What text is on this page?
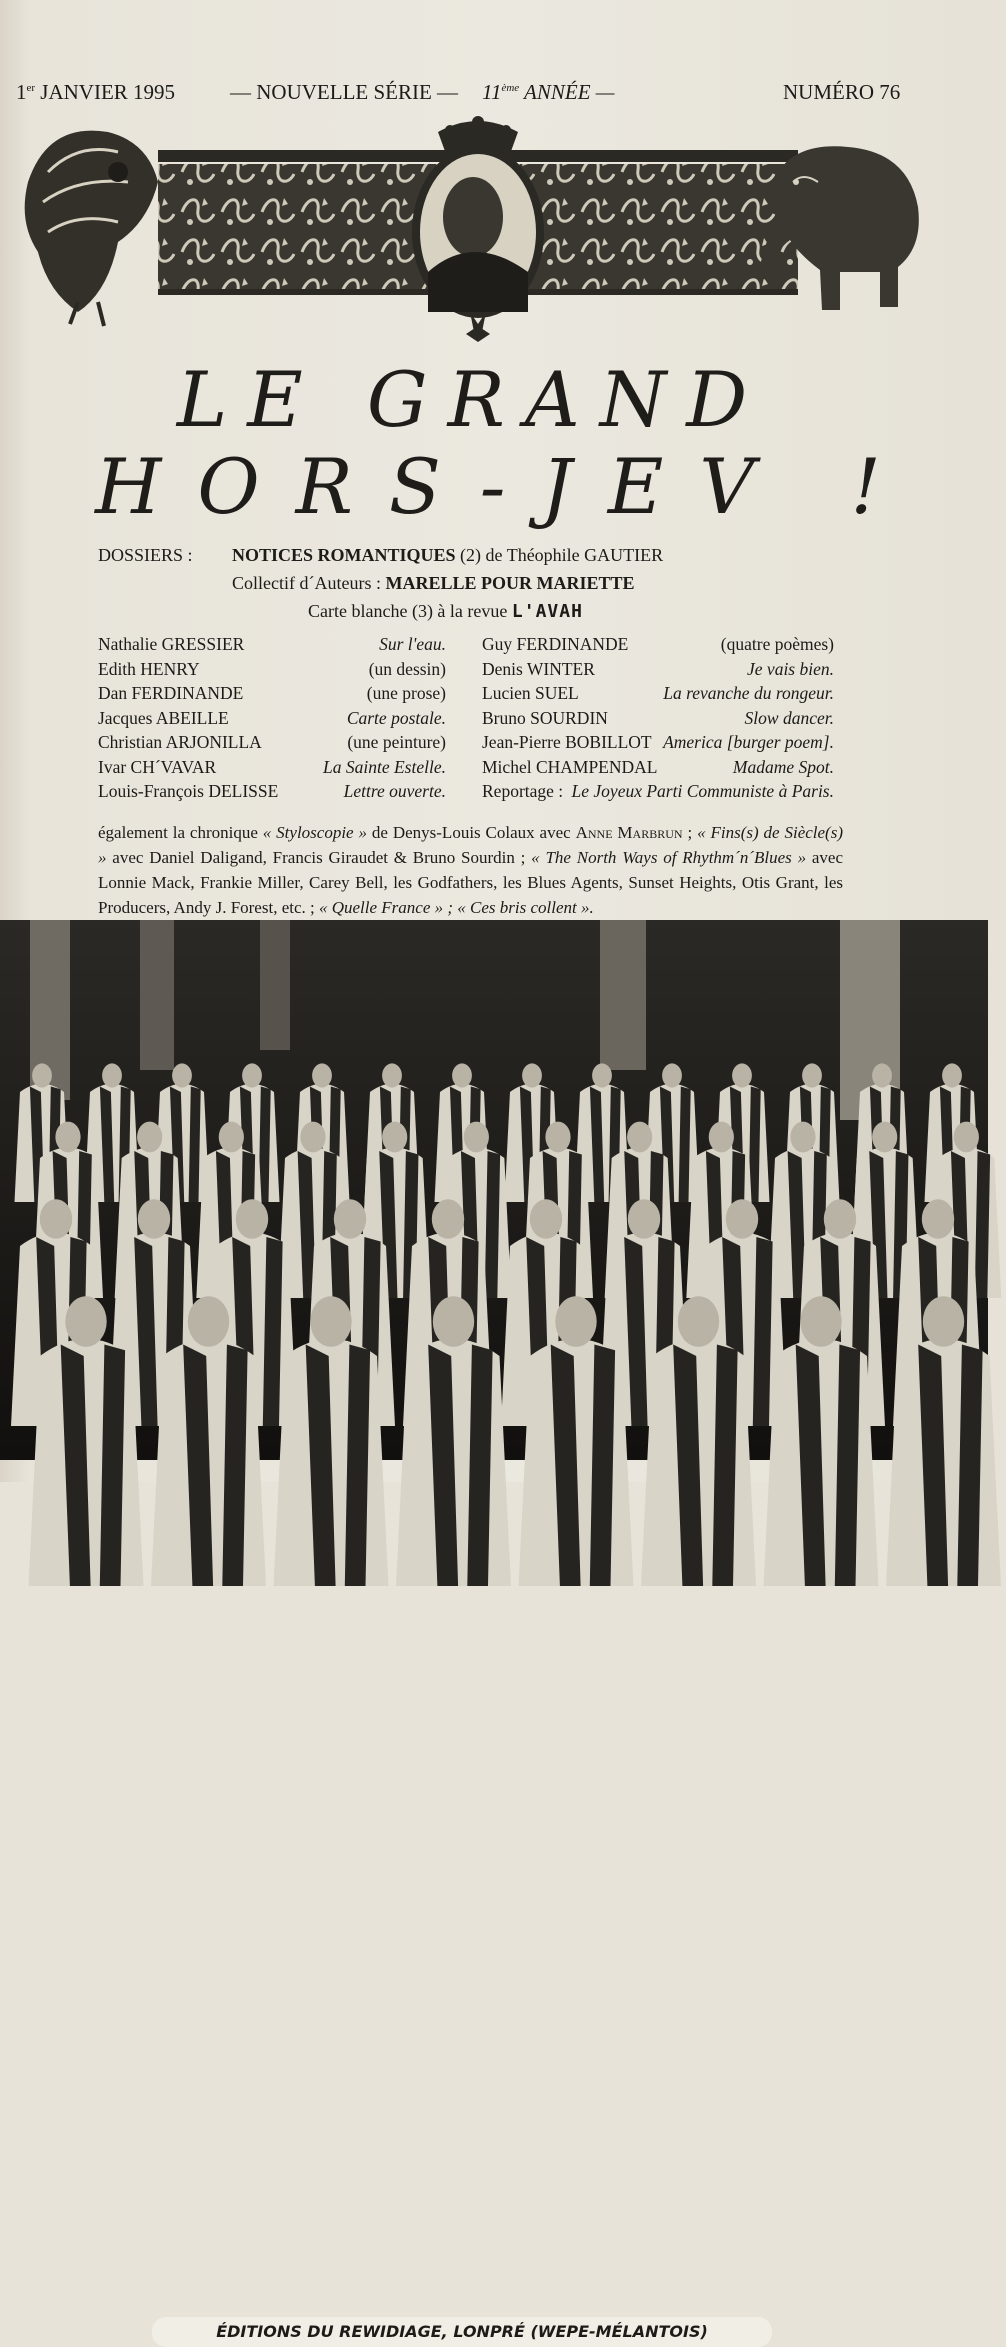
1er JANVIER 1995	— NOUVELLE SÉRIE — 11ème ANNÉE —	NUMÉRO 76
LE GRAND
HORS-JEV !
DOSSIERS : NOTICES ROMANTIQUES (2) de Théophile GAUTIER
Collectif d´Auteurs : MARELLE POUR MARIETTE
Carte blanche (3) à la revue L'AVAH
Nathalie GRESSIER	Sur l'eau. Guy FERDINANDE	(quatre poèmes)
Edith HENRY	(un dessin) Denis WINTER	Je vais bien.
Dan FERDINANDE	(une prose) Lucien SUEL	La revanche du rongeur.
Jacques ABEILLE	Carte postale. Bruno SOURDIN	Slow dancer.
Christian ARJONILLA	(une peinture) Jean-Pierre BOBILLOT America [burger poem].
Ivar CH´VAVAR	La Sainte Estelle. Michel CHAMPENDAL	Madame Spot.
Louis-François DELISSE	Lettre ouverte. Reportage : Le Joyeux Parti Communiste à Paris.
également la chronique « Styloscopie » de Denys-Louis Colaux avec Anne Marbrun ; « Fins(s) de Siècle(s) » avec Daniel Daligand, Francis Giraudet & Bruno Sourdin ; « The North Ways of Rhythm´n´Blues » avec Lonnie Mack, Frankie Miller, Carey Bell, les Godfathers, les Blues Agents, Sunset Heights, Otis Grant, les Producers, Andy J. Forest, etc. ; « Quelle France » ; « Ces bris collent ».
ÉDITIONS DU REWIDIAGE, LONPRÉ (WEPE-MÉLANTOIS)
